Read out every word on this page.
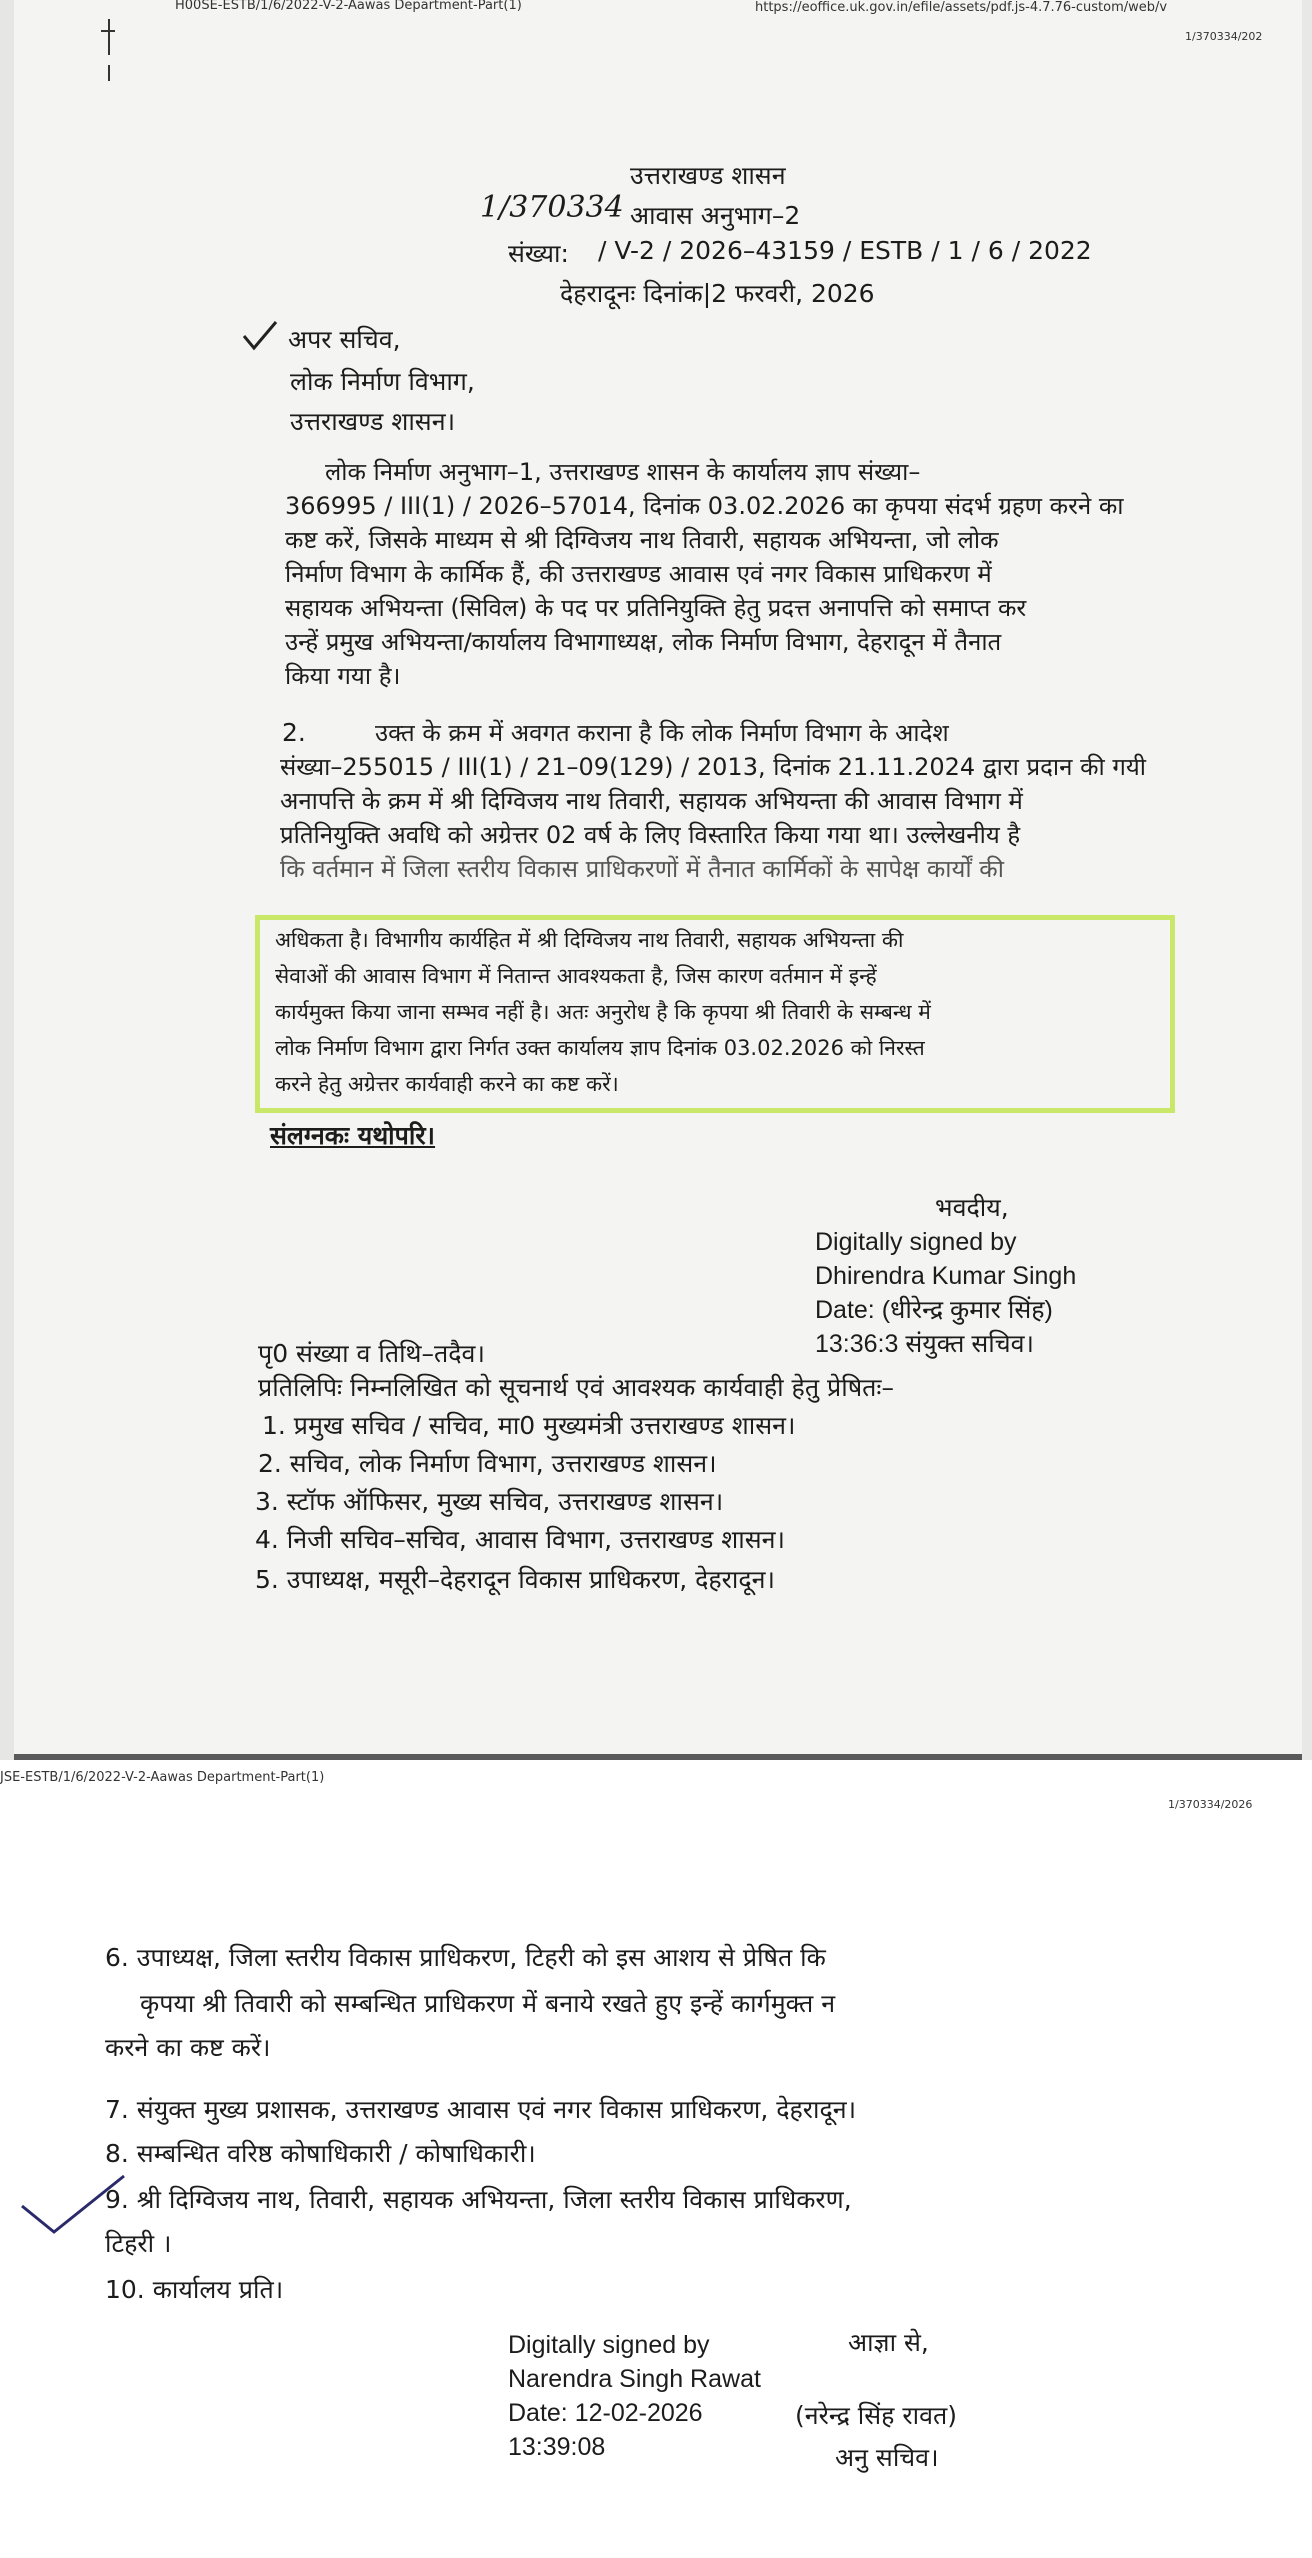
H00SE-ESTB/1/6/2022-V-2-Aawas Department-Part(1)	https://eoffice.uk.gov.in/efile/assets/pdf.js-4.7.76-custom/web/v
1/370334/202
उत्तराखण्ड शासन
1/370334 आवास अनुभाग–2
संख्या: / V-2 / 2026–43159 / ESTB / 1 / 6 / 2022
देहरादूनः दिनांक|2 फरवरी, 2026
अपर सचिव,
लोक निर्माण विभाग,
उत्तराखण्ड शासन।
लोक निर्माण अनुभाग–1, उत्तराखण्ड शासन के कार्यालय ज्ञाप संख्या–
366995 / III(1) / 2026–57014, दिनांक 03.02.2026 का कृपया संदर्भ ग्रहण करने का
कष्ट करें, जिसके माध्यम से श्री दिग्विजय नाथ तिवारी, सहायक अभियन्ता, जो लोक
निर्माण विभाग के कार्मिक हैं, की उत्तराखण्ड आवास एवं नगर विकास प्राधिकरण में
सहायक अभियन्ता (सिविल) के पद पर प्रतिनियुक्ति हेतु प्रदत्त अनापत्ति को समाप्त कर
उन्हें प्रमुख अभियन्ता/कार्यालय विभागाध्यक्ष, लोक निर्माण विभाग, देहरादून में तैनात
किया गया है।
2.	उक्त के क्रम में अवगत कराना है कि लोक निर्माण विभाग के आदेश
संख्या–255015 / III(1) / 21–09(129) / 2013, दिनांक 21.11.2024 द्वारा प्रदान की गयी
अनापत्ति के क्रम में श्री दिग्विजय नाथ तिवारी, सहायक अभियन्ता की आवास विभाग में
प्रतिनियुक्ति अवधि को अग्रेत्तर 02 वर्ष के लिए विस्तारित किया गया था। उल्लेखनीय है
कि वर्तमान में जिला स्तरीय विकास प्राधिकरणों में तैनात कार्मिकों के सापेक्ष कार्यों की
अधिकता है। विभागीय कार्यहित में श्री दिग्विजय नाथ तिवारी, सहायक अभियन्ता की
सेवाओं की आवास विभाग में नितान्त आवश्यकता है, जिस कारण वर्तमान में इन्हें
कार्यमुक्त किया जाना सम्भव नहीं है। अतः अनुरोध है कि कृपया श्री तिवारी के सम्बन्ध में
लोक निर्माण विभाग द्वारा निर्गत उक्त कार्यालय ज्ञाप दिनांक 03.02.2026 को निरस्त
करने हेतु अग्रेत्तर कार्यवाही करने का कष्ट करें।
संलग्नकः यथोपरि।
भवदीय,
Digitally signed by
Dhirendra Kumar Singh
Date: (धीरेन्द्र कुमार सिंह)
13:36:3 संयुक्त सचिव।
पृ0 संख्या व तिथि–तदैव।
प्रतिलिपिः निम्नलिखित को सूचनार्थ एवं आवश्यक कार्यवाही हेतु प्रेषितः–
1. प्रमुख सचिव / सचिव, मा0 मुख्यमंत्री उत्तराखण्ड शासन।
2. सचिव, लोक निर्माण विभाग, उत्तराखण्ड शासन।
3. स्टॉफ ऑफिसर, मुख्य सचिव, उत्तराखण्ड शासन।
4. निजी सचिव–सचिव, आवास विभाग, उत्तराखण्ड शासन।
5. उपाध्यक्ष, मसूरी–देहरादून विकास प्राधिकरण, देहरादून।
JSE-ESTB/1/6/2022-V-2-Aawas Department-Part(1)
1/370334/2026
6. उपाध्यक्ष, जिला स्तरीय विकास प्राधिकरण, टिहरी को इस आशय से प्रेषित कि
कृपया श्री तिवारी को सम्बन्धित प्राधिकरण में बनाये रखते हुए इन्हें कार्गमुक्त न
करने का कष्ट करें।
7. संयुक्त मुख्य प्रशासक, उत्तराखण्ड आवास एवं नगर विकास प्राधिकरण, देहरादून।
8. सम्बन्धित वरिष्ठ कोषाधिकारी / कोषाधिकारी।
9. श्री दिग्विजय नाथ, तिवारी, सहायक अभियन्ता, जिला स्तरीय विकास प्राधिकरण,
टिहरी ।
10. कार्यालय प्रति।
आज्ञा से,
Digitally signed by
Narendra Singh Rawat
Date: 12-02-2026
13:39:08
(नरेन्द्र सिंह रावत)
अनु सचिव।
